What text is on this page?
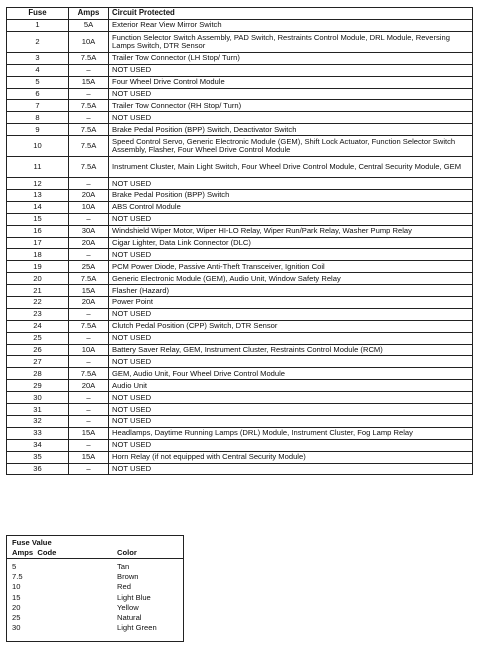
Fuse	Amps	Circuit Protected
1	5A	Exterior Rear View Mirror Switch
2	10A	Function Selector Switch Assembly, PAD Switch, Restraints Control Module, DRL Module, Reversing Lamps Switch, DTR Sensor
3	7.5A	Trailer Tow Connector (LH Stop/ Turn)
4	–	NOT USED
5	15A	Four Wheel Drive Control Module
6	–	NOT USED
7	7.5A	Trailer Tow Connector (RH Stop/ Turn)
8	–	NOT USED
9	7.5A	Brake Pedal Position (BPP) Switch, Deactivator Switch
10	7.5A	Speed Control Servo, Generic Electronic Module (GEM), Shift Lock Actuator, Function Selector Switch Assembly, Flasher, Four Wheel Drive Control Module
11	7.5A	Instrument Cluster, Main Light Switch, Four Wheel Drive Control Module, Central Security Module, GEM
12	–	NOT USED
13	20A	Brake Pedal Position (BPP) Switch
14	10A	ABS Control Module
15	–	NOT USED
16	30A	Windshield Wiper Motor, Wiper HI-LO Relay, Wiper Run/Park Relay, Washer Pump Relay
17	20A	Cigar Lighter, Data Link Connector (DLC)
18	–	NOT USED
19	25A	PCM Power Diode, Passive Anti-Theft Transceiver, Ignition Coil
20	7.5A	Generic Electronic Module (GEM), Audio Unit, Window Safety Relay
21	15A	Flasher (Hazard)
22	20A	Power Point
23	–	NOT USED
24	7.5A	Clutch Pedal Position (CPP) Switch, DTR Sensor
25	–	NOT USED
26	10A	Battery Saver Relay, GEM, Instrument Cluster, Restraints Control Module (RCM)
27	–	NOT USED
28	7.5A	GEM, Audio Unit, Four Wheel Drive Control Module
29	20A	Audio Unit
30	–	NOT USED
31	–	NOT USED
32	–	NOT USED
33	15A	Headlamps, Daytime Running Lamps (DRL) Module, Instrument Cluster, Fog Lamp Relay
34	–	NOT USED
35	15A	Horn Relay (if not equipped with Central Security Module)
36	–	NOT USED
Fuse Value
Amps Code	Color
5	Tan
7.5	Brown
10	Red
15	Light Blue
20	Yellow
25	Natural
30	Light Green
